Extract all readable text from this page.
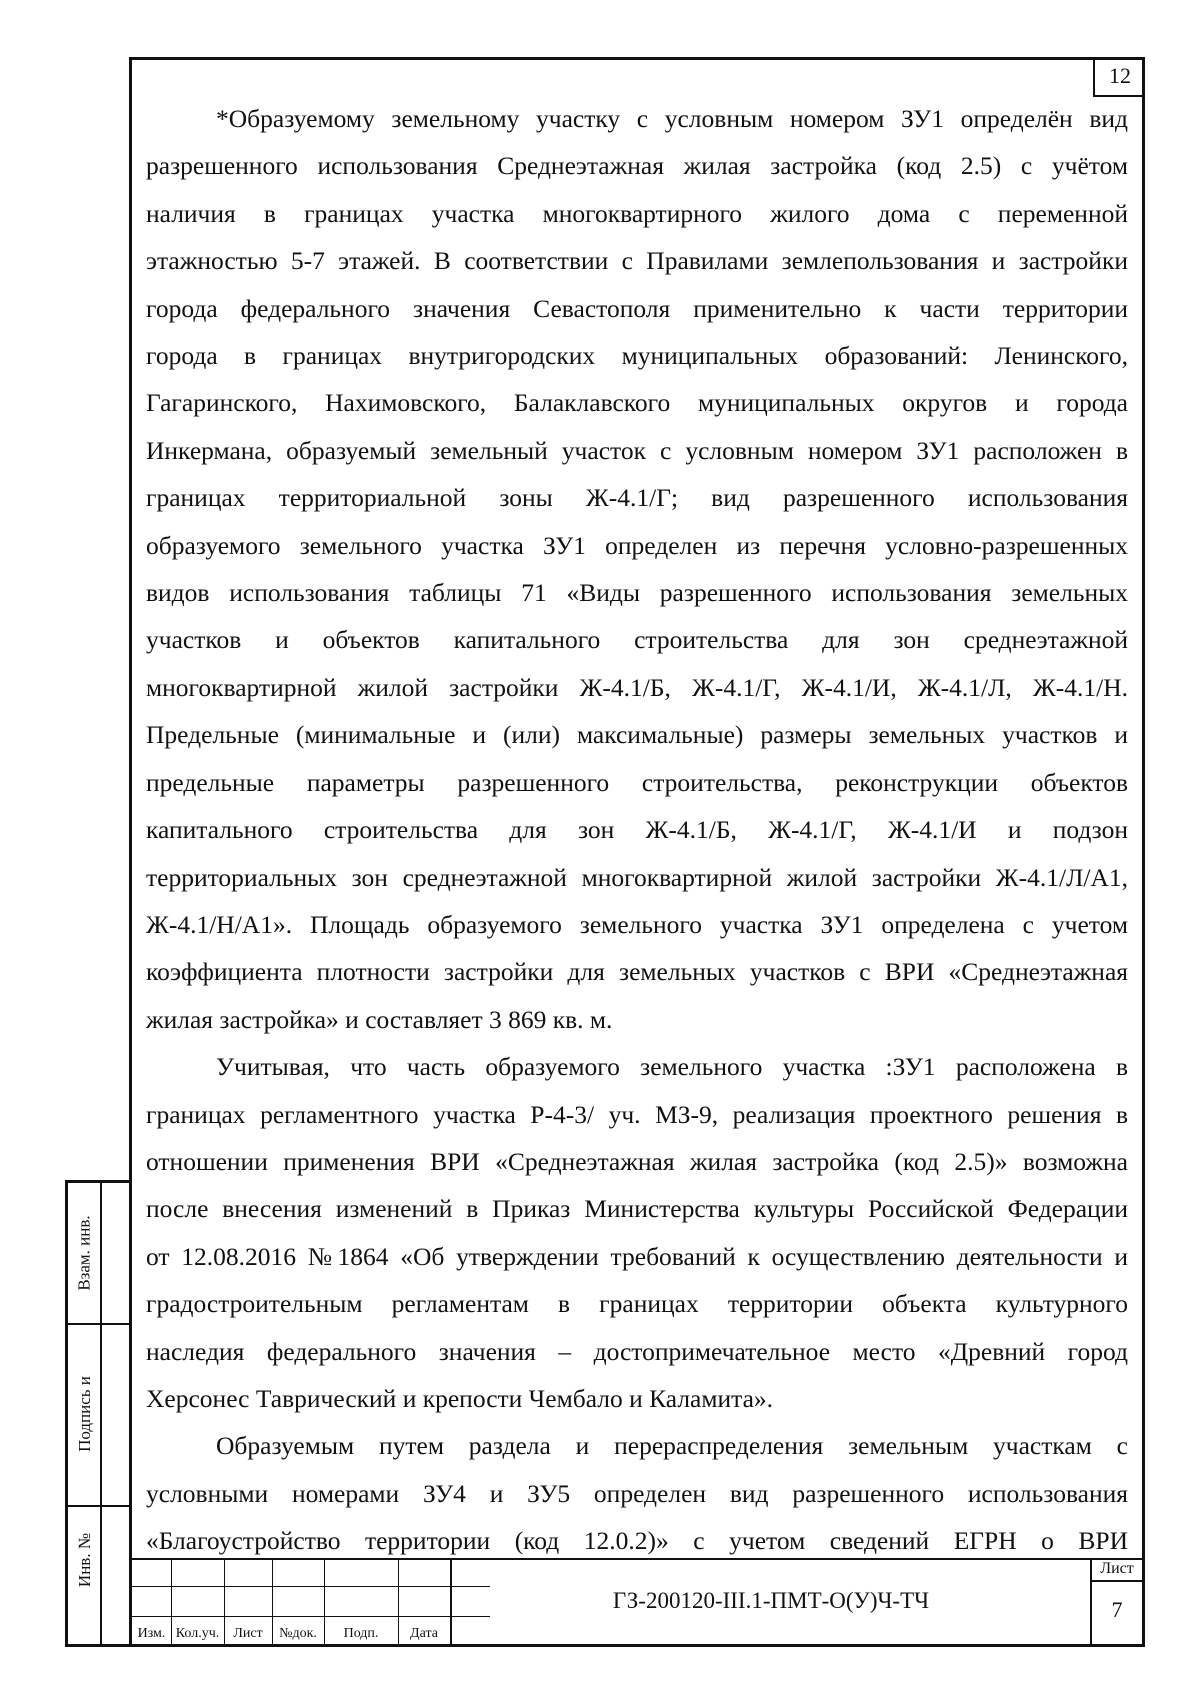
12

*Образуемому земельному участку с условным номером ЗУ1 определён вид

разрешенного использования Среднеэтажная жилая застройка (код 2.5) с учётом

наличия в границах участка многоквартирного жилого дома с переменной

этажностью 5-7 этажей. В соответствии с Правилами землепользования и застройки

города федерального значения Севастополя применительно к части территории

города в границах внутригородских муниципальных образований: Ленинского,

Гагаринского, Нахимовского, Балаклавского муниципальных округов и города

Инкермана, образуемый земельный участок с условным номером ЗУ1 расположен в

границах территориальной зоны Ж-4.1/Г; вид разрешенного использования

образуемого земельного участка ЗУ1 определен из перечня условно-разрешенных

видов использования таблицы 71 «Виды разрешенного использования земельных

участков и объектов капитального строительства для зон среднеэтажной

многоквартирной жилой застройки Ж-4.1/Б, Ж-4.1/Г, Ж-4.1/И, Ж-4.1/Л, Ж-4.1/Н.

Предельные (минимальные и (или) максимальные) размеры земельных участков и

предельные параметры разрешенного строительства, реконструкции объектов

капитального строительства для зон Ж-4.1/Б, Ж-4.1/Г, Ж-4.1/И и подзон

территориальных зон среднеэтажной многоквартирной жилой застройки Ж-4.1/Л/А1,

Ж-4.1/Н/А1». Площадь образуемого земельного участка ЗУ1 определена с учетом

коэффициента плотности застройки для земельных участков с ВРИ «Среднеэтажная

жилая застройка» и составляет 3 869 кв. м.

Учитывая, что часть образуемого земельного участка :ЗУ1 расположена в

границах регламентного участка Р-4-3/ уч. МЗ-9, реализация проектного решения в

отношении применения ВРИ «Среднеэтажная жилая застройка (код 2.5)» возможна

после внесения изменений в Приказ Министерства культуры Российской Федерации

от 12.08.2016 №1864 «Об утверждении требований к осуществлению деятельности и

градостроительным регламентам в границах территории объекта культурного

наследия федерального значения – достопримечательное место «Древний город

Херсонес Таврический и крепости Чембало и Каламита».

Образуемым путем раздела и перераспределения земельным участкам с

условными номерами ЗУ4 и ЗУ5 определен вид разрешенного использования

«Благоустройство территории (код 12.0.2)» с учетом сведений ЕГРН о ВРИ

Взам. инв.
Подпись и
Инв. №
Изм. Кол.уч.	Лист	№док.	Подп.	Дата
ГЗ-200120-III.1-ПМТ-О(У)Ч-ТЧ
Лист
7
